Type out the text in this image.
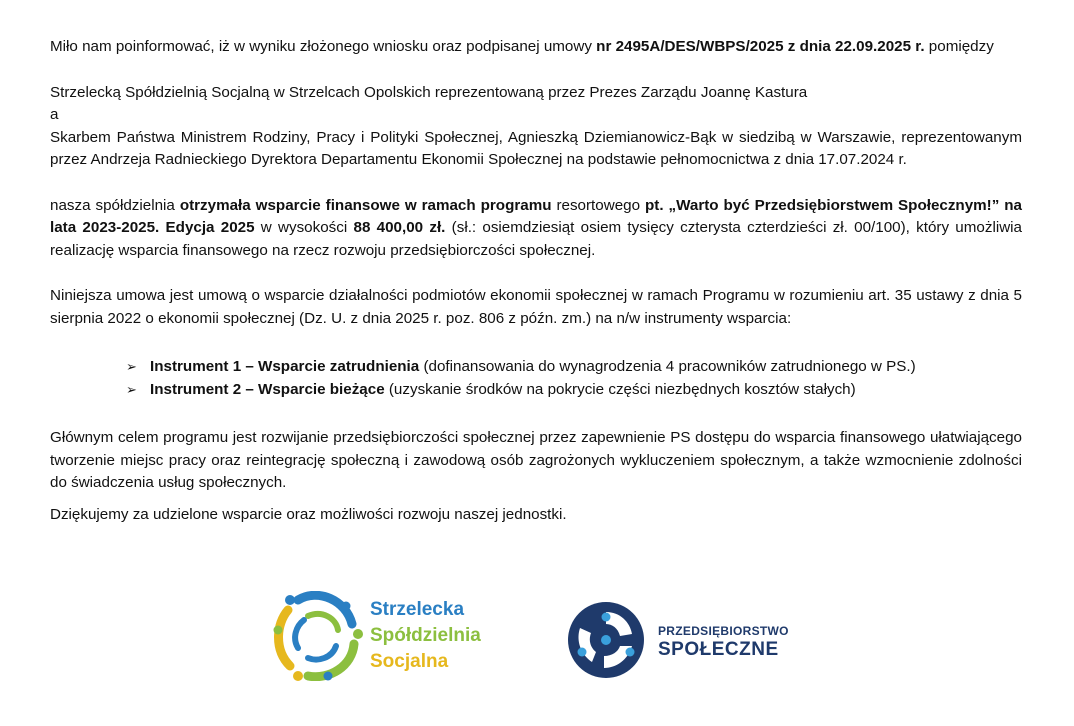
Miło nam poinformować, iż w wyniku złożonego wniosku oraz podpisanej umowy nr 2495A/DES/WBPS/2025 z dnia 22.09.2025 r. pomiędzy

Strzelecką Spółdzielnią Socjalną w Strzelcach Opolskich reprezentowaną przez Prezes Zarządu Joannę Kastura

a

Skarbem Państwa Ministrem Rodziny, Pracy i Polityki Społecznej, Agnieszką Dziemianowicz-Bąk w siedzibą w Warszawie, reprezentowanym przez Andrzeja Radnieckiego Dyrektora Departamentu Ekonomii Społecznej na podstawie pełnomocnictwa z dnia 17.07.2024 r.

nasza spółdzielnia otrzymała wsparcie finansowe w ramach programu resortowego pt. „Warto być Przedsiębiorstwem Społecznym!” na lata 2023-2025. Edycja 2025 w wysokości 88 400,00 zł. (sł.: osiemdziesiąt osiem tysięcy czterysta czterdzieści zł. 00/100), który umożliwia realizację wsparcia finansowego na rzecz rozwoju przedsiębiorczości społecznej.

Niniejsza umowa jest umową o wsparcie działalności podmiotów ekonomii społecznej w ramach Programu w rozumieniu art. 35 ustawy z dnia 5 sierpnia 2022 o ekonomii społecznej (Dz. U. z dnia 2025 r. poz. 806 z późn. zm.) na n/w instrumenty wsparcia:

➢ Instrument 1 – Wsparcie zatrudnienia (dofinansowania do wynagrodzenia 4 pracowników zatrudnionego w PS.)
➢ Instrument 2 – Wsparcie bieżące (uzyskanie środków na pokrycie części niezbędnych kosztów stałych)

Głównym celem programu jest rozwijanie przedsiębiorczości społecznej przez zapewnienie PS dostępu do wsparcia finansowego ułatwiającego tworzenie miejsc pracy oraz reintegrację społeczną i zawodową osób zagrożonych wykluczeniem społecznym, a także wzmocnienie zdolności do świadczenia usług społecznych.

Dziękujemy za udzielone wsparcie oraz możliwości rozwoju naszej jednostki.

Strzelecka
Spółdzielnia
Socjalna
PRZEDSIĘBIORSTWO
SPOŁECZNE
